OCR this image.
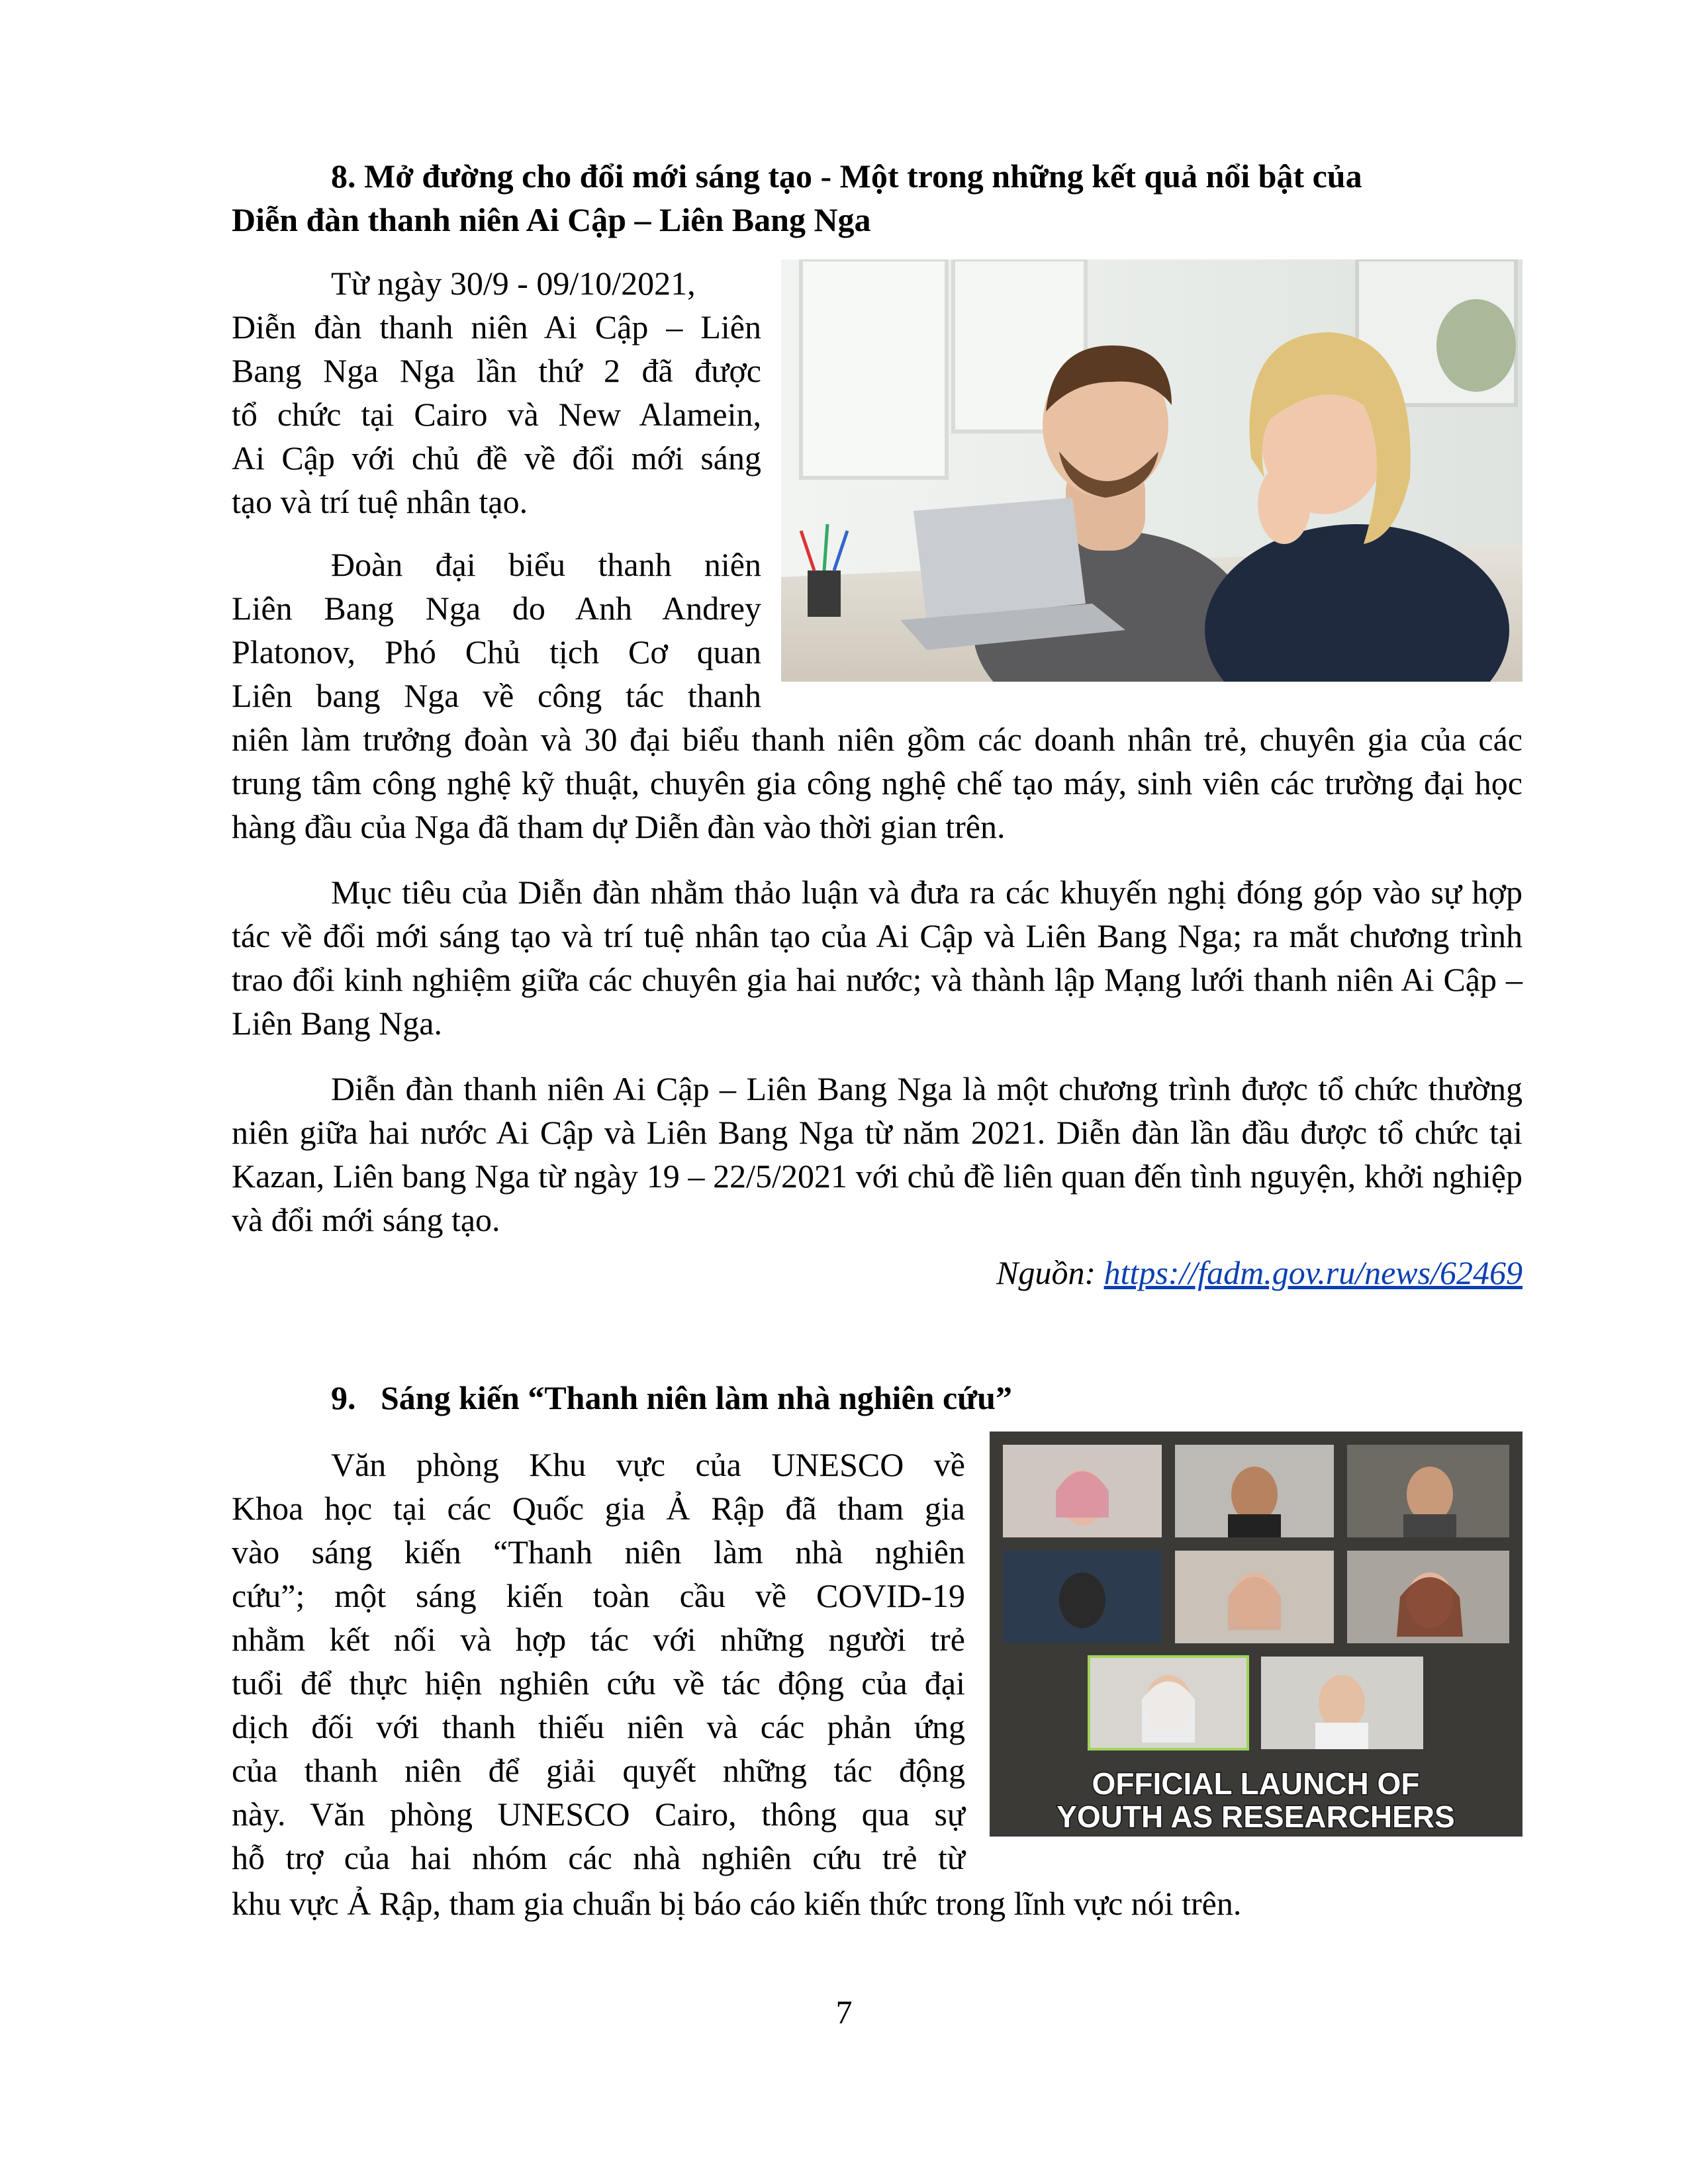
8. Mở đường cho đổi mới sáng tạo - Một trong những kết quả nổi bật của
Diễn đàn thanh niên Ai Cập – Liên Bang Nga
Từ ngày 30/9 - 09/10/2021,
Diễn đàn thanh niên Ai Cập – Liên
Bang Nga Nga lần thứ 2 đã được
tổ chức tại Cairo và New Alamein,
Ai Cập với chủ đề về đổi mới sáng
tạo và trí tuệ nhân tạo.
Đoàn đại biểu thanh niên
Liên Bang Nga do Anh Andrey
Platonov, Phó Chủ tịch Cơ quan
Liên bang Nga về công tác thanh

niên làm trưởng đoàn và 30 đại biểu thanh niên gồm các doanh nhân trẻ, chuyên gia của các trung tâm công nghệ kỹ thuật, chuyên gia công nghệ chế tạo máy, sinh viên các trường đại học hàng đầu của Nga đã tham dự Diễn đàn vào thời gian trên.

Mục tiêu của Diễn đàn nhằm thảo luận và đưa ra các khuyến nghị đóng góp vào sự hợp tác về đổi mới sáng tạo và trí tuệ nhân tạo của Ai Cập và Liên Bang Nga; ra mắt chương trình trao đổi kinh nghiệm giữa các chuyên gia hai nước; và thành lập Mạng lưới thanh niên Ai Cập – Liên Bang Nga.

Diễn đàn thanh niên Ai Cập – Liên Bang Nga là một chương trình được tổ chức thường niên giữa hai nước Ai Cập và Liên Bang Nga từ năm 2021. Diễn đàn lần đầu được tổ chức tại Kazan, Liên bang Nga từ ngày 19 – 22/5/2021 với chủ đề liên quan đến tình nguyện, khởi nghiệp và đổi mới sáng tạo.

Nguồn: https://fadm.gov.ru/news/62469
9. Sáng kiến “Thanh niên làm nhà nghiên cứu”
Văn phòng Khu vực của UNESCO về
Khoa học tại các Quốc gia Ả Rập đã tham gia
vào sáng kiến “Thanh niên làm nhà nghiên
cứu”; một sáng kiến toàn cầu về COVID-19
nhằm kết nối và hợp tác với những người trẻ
tuổi để thực hiện nghiên cứu về tác động của đại
dịch đối với thanh thiếu niên và các phản ứng
của thanh niên để giải quyết những tác động
này. Văn phòng UNESCO Cairo, thông qua sự
hỗ trợ của hai nhóm các nhà nghiên cứu trẻ từ
OFFICIAL LAUNCH OF
YOUTH AS RESEARCHERS

khu vực Ả Rập, tham gia chuẩn bị báo cáo kiến thức trong lĩnh vực nói trên.

7
